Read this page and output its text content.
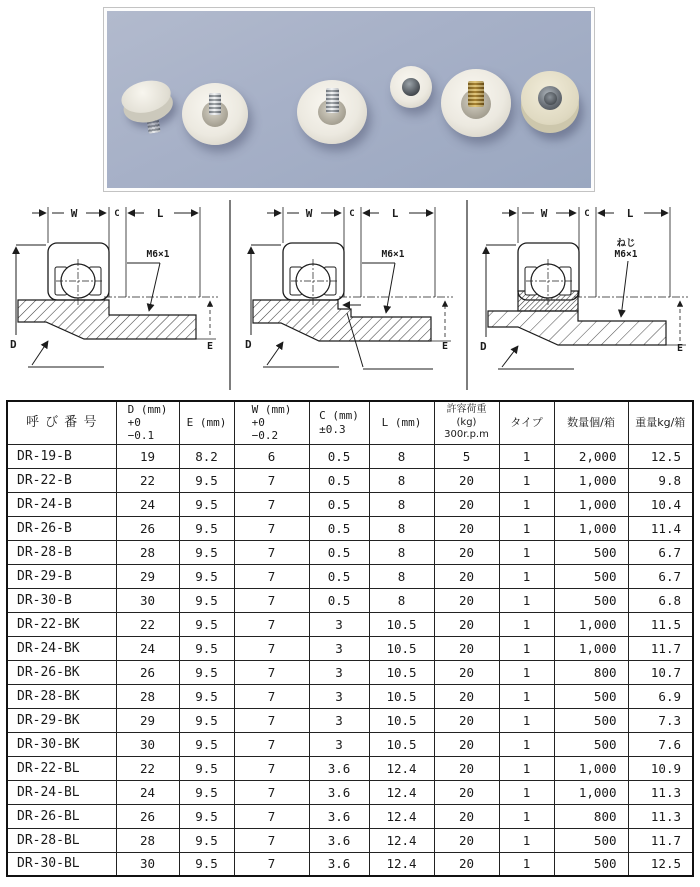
W	C	L
M6×1
D	E
W	C	L
M6×1
D	E
W	C	L
ねじ
M6×1
D	E
呼 び 番 号	D (mm)
+0
−0.1	E (mm)	W (mm)
+0
−0.2	C (mm)
±0.3	L (mm)	許容荷重
(kg)
300r.p.m	タイプ	数量個/箱	重量kg/箱
DR-19-B	19	8.2	6	0.5	8	5	1	2,000	12.5
DR-22-B	22	9.5	7	0.5	8	20	1	1,000	9.8
DR-24-B	24	9.5	7	0.5	8	20	1	1,000	10.4
DR-26-B	26	9.5	7	0.5	8	20	1	1,000	11.4
DR-28-B	28	9.5	7	0.5	8	20	1	500	6.7
DR-29-B	29	9.5	7	0.5	8	20	1	500	6.7
DR-30-B	30	9.5	7	0.5	8	20	1	500	6.8
DR-22-BK	22	9.5	7	3	10.5	20	1	1,000	11.5
DR-24-BK	24	9.5	7	3	10.5	20	1	1,000	11.7
DR-26-BK	26	9.5	7	3	10.5	20	1	800	10.7
DR-28-BK	28	9.5	7	3	10.5	20	1	500	6.9
DR-29-BK	29	9.5	7	3	10.5	20	1	500	7.3
DR-30-BK	30	9.5	7	3	10.5	20	1	500	7.6
DR-22-BL	22	9.5	7	3.6	12.4	20	1	1,000	10.9
DR-24-BL	24	9.5	7	3.6	12.4	20	1	1,000	11.3
DR-26-BL	26	9.5	7	3.6	12.4	20	1	800	11.3
DR-28-BL	28	9.5	7	3.6	12.4	20	1	500	11.7
DR-30-BL	30	9.5	7	3.6	12.4	20	1	500	12.5
